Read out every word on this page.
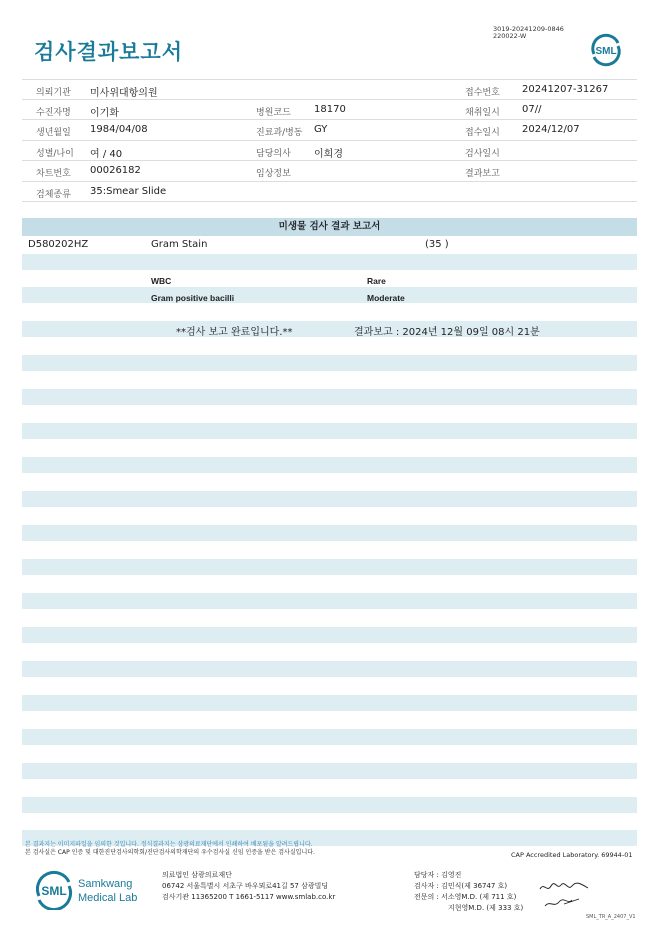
검사결과보고서
3019-20241209-0846
220022-W
SML
의뢰기관 미사위대항의원	접수번호 20241207-31267
수진자명 이기화	병원코드 18170	채취일시 07//
생년월일 1984/04/08	진료과/병동 GY	접수일시 2024/12/07
성별/나이 여 / 40	담당의사 이희경	검사일시
차트번호 00026182	임상정보	결과보고
검체종류 35:Smear Slide
미생물 검사 결과 보고서
D580202HZ	Gram Stain	(35 )
WBC	Rare
Gram positive bacilli	Moderate
**검사 보고 완료입니다.**	결과보고 : 2024년 12월 09일 08시 21분
본 결과지는 이미지파일을 임의한 것입니다. 정식결과지는 삼광의료재단에서 인쇄하여 배포됨을 알려드립니다.
본 검사실은 CAP 인증 및 대한진단검사의학회/진단검사의학재단의 우수검사실 신임 인증을 받은 검사실입니다.	CAP Accredited Laboratory. 69944-01
SML Samkwang
Medical Lab
의료법인 삼광의료재단
06742 서울특별시 서초구 바우뫼로41길 57 삼광빌딩
검사기관 11365200 T 1661-5117 www.smlab.co.kr
담당자 : 김영진
검사자 : 김민식(제 36747 호)
전문의 : 서소영M.D. (제 711 호)
지현영M.D. (제 333 호)
SML_TR_A_2407_V1
